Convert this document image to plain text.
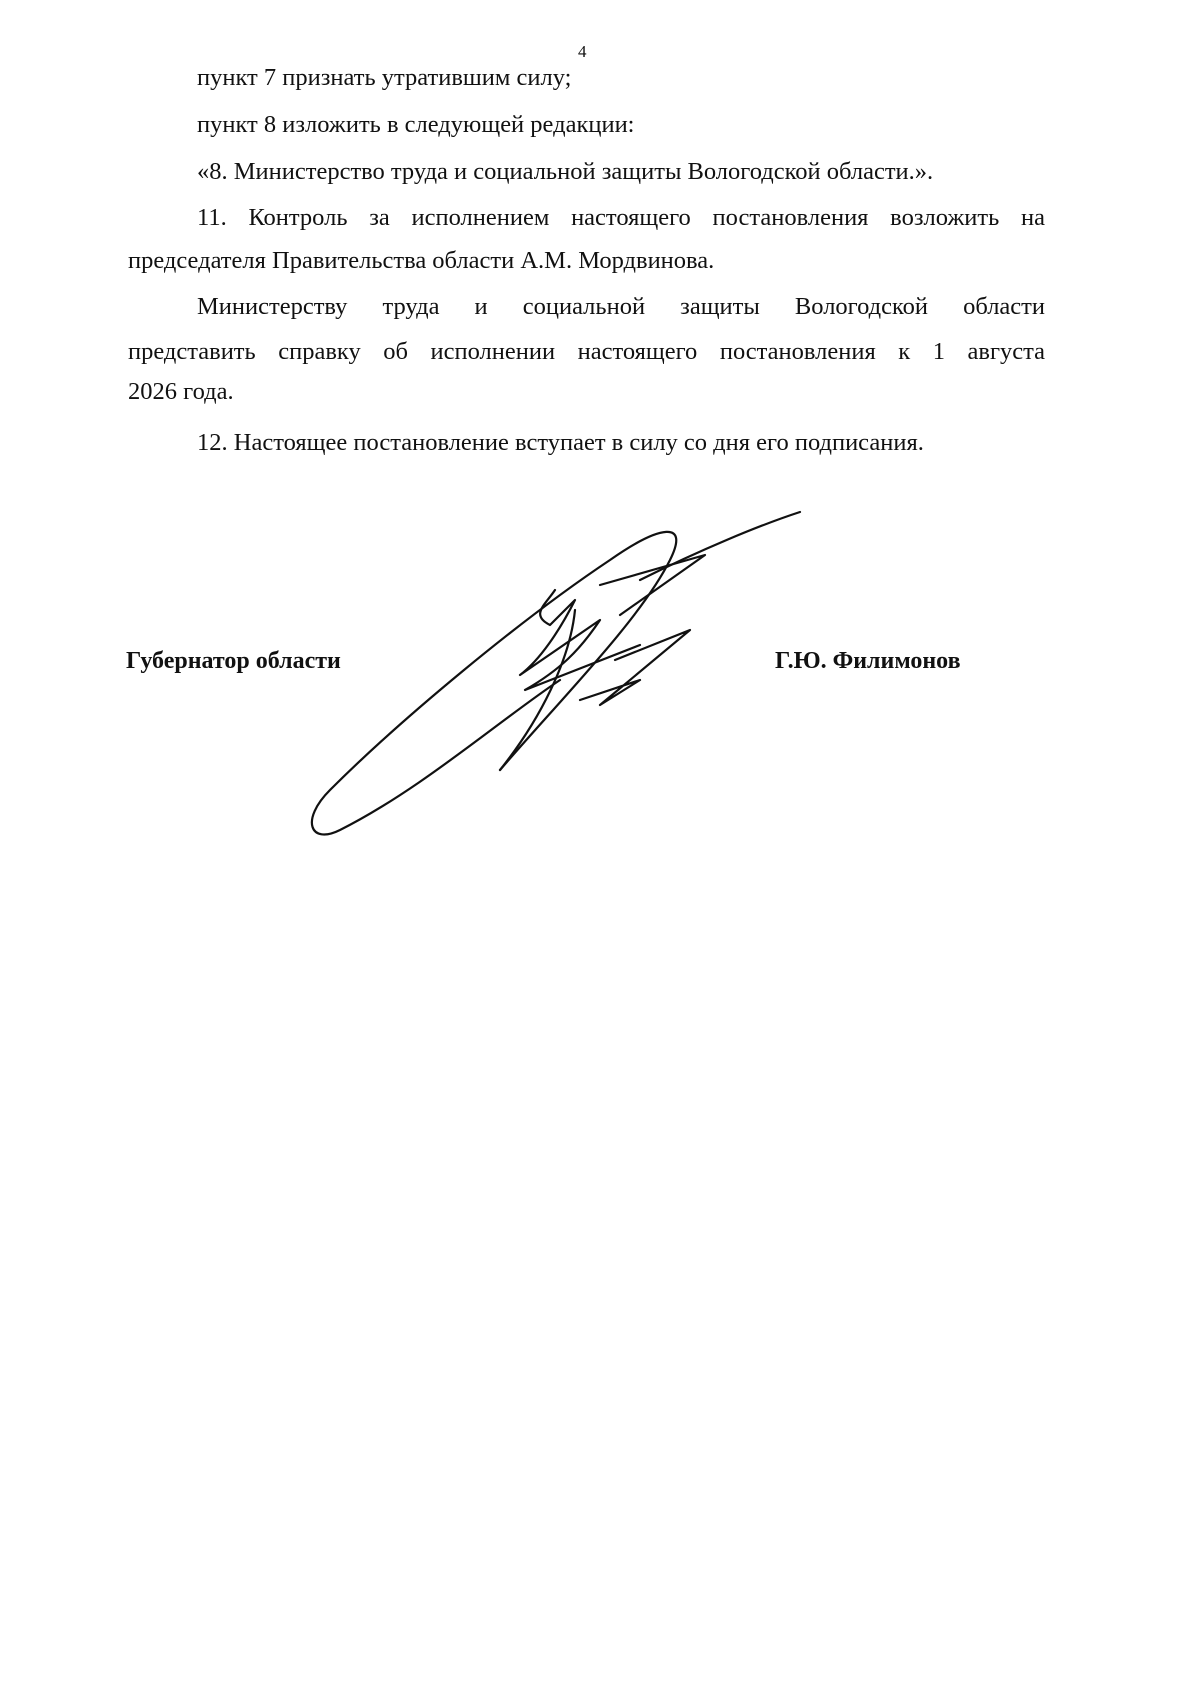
4
пункт 7 признать утратившим силу;
пункт 8 изложить в следующей редакции:
«8. Министерство труда и социальной защиты Вологодской области.».
11. Контроль за исполнением настоящего постановления возложить на
председателя Правительства области А.М. Мордвинова.
Министерству труда и социальной защиты Вологодской области
представить справку об исполнении настоящего постановления к 1 августа
2026 года.
12. Настоящее постановление вступает в силу со дня его подписания.
Губернатор области	Г.Ю. Филимонов
